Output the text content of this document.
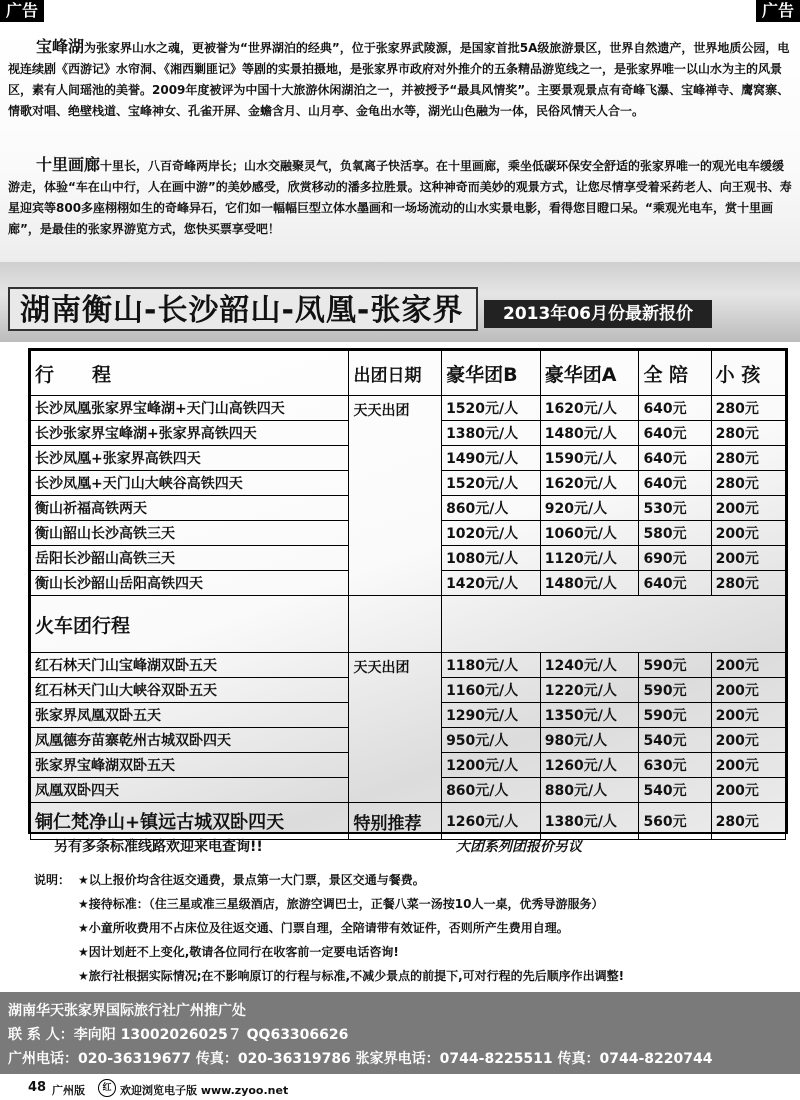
广告	广告
宝峰湖为张家界山水之魂，更被誉为“世界湖泊的经典”，位于张家界武陵源，是国家首批5A级旅游景区，世界自然遗产，世界地质公园，电视连续剧《西游记》水帘洞、《湘西剿匪记》等剧的实景拍摄地，是张家界市政府对外推介的五条精品游览线之一，是张家界唯一以山水为主的风景区，素有人间瑶池的美誉。2009年度被评为中国十大旅游休闲湖泊之一，并被授予“最具风情奖”。主要景观景点有奇峰飞瀑、宝峰禅寺、鹰窝寨、情歌对唱、绝壁栈道、宝峰神女、孔雀开屏、金蟾含月、山月亭、金龟出水等，湖光山色融为一体，民俗风情天人合一。
十里画廊十里长，八百奇峰两岸长；山水交融聚灵气，负氧离子快活享。在十里画廊，乘坐低碳环保安全舒适的张家界唯一的观光电车缓缓游走，体验“车在山中行，人在画中游”的美妙感受，欣赏移动的潘多拉胜景。这种神奇而美妙的观景方式，让您尽情享受着采药老人、向王观书、寿星迎宾等800多座栩栩如生的奇峰异石，它们如一幅幅巨型立体水墨画和一场场流动的山水实景电影，看得您目瞪口呆。“乘观光电车，赏十里画廊”，是最佳的张家界游览方式，您快买票享受吧！
湖南衡山-长沙韶山-凤凰-张家界	2013年06月份最新报价
行　　程	出团日期	豪华团B	豪华团A	全 陪	小 孩
长沙凤凰张家界宝峰湖+天门山高铁四天	天天出团	1520元/人	1620元/人	640元	280元
长沙张家界宝峰湖+张家界高铁四天		1380元/人	1480元/人	640元	280元
长沙凤凰+张家界高铁四天		1490元/人	1590元/人	640元	280元
长沙凤凰+天门山大峡谷高铁四天		1520元/人	1620元/人	640元	280元
衡山祈福高铁两天		860元/人	920元/人	530元	200元
衡山韶山长沙高铁三天		1020元/人	1060元/人	580元	200元
岳阳长沙韶山高铁三天		1080元/人	1120元/人	690元	200元
衡山长沙韶山岳阳高铁四天		1420元/人	1480元/人	640元	280元
火车团行程					
红石林天门山宝峰湖双卧五天	天天出团	1180元/人	1240元/人	590元	200元
红石林天门山大峡谷双卧五天		1160元/人	1220元/人	590元	200元
张家界凤凰双卧五天		1290元/人	1350元/人	590元	200元
凤凰德夯苗寨乾州古城双卧四天		950元/人	980元/人	540元	200元
张家界宝峰湖双卧五天		1200元/人	1260元/人	630元	200元
凤凰双卧四天		860元/人	880元/人	540元	200元
铜仁梵净山+镇远古城双卧四天	特别推荐	1260元/人	1380元/人	560元	280元
另有多条标准线路欢迎来电查询!!	大团系列团报价另议
说明： ★以上报价均含往返交通费，景点第一大门票，景区交通与餐费。
★接待标准：（住三星或准三星级酒店，旅游空调巴士，正餐八菜一汤按10人一桌，优秀导游服务）
★小童所收费用不占床位及往返交通、门票自理，全陪请带有效证件，否则所产生费用自理。
★因计划赶不上变化,敬请各位同行在收客前一定要电话咨询!
★旅行社根据实际情况;在不影响原订的行程与标准,不减少景点的前提下,可对行程的先后顺序作出调整!
湖南华天张家界国际旅行社广州推广处
联 系 人：李向阳 13002026025７ QQ63306626
广州电话：020-36319677 传真：020-36319786 张家界电话：0744-8225511 传真：0744-8220744
48 广州版	红 欢迎浏览电子版 www.zyoo.net
